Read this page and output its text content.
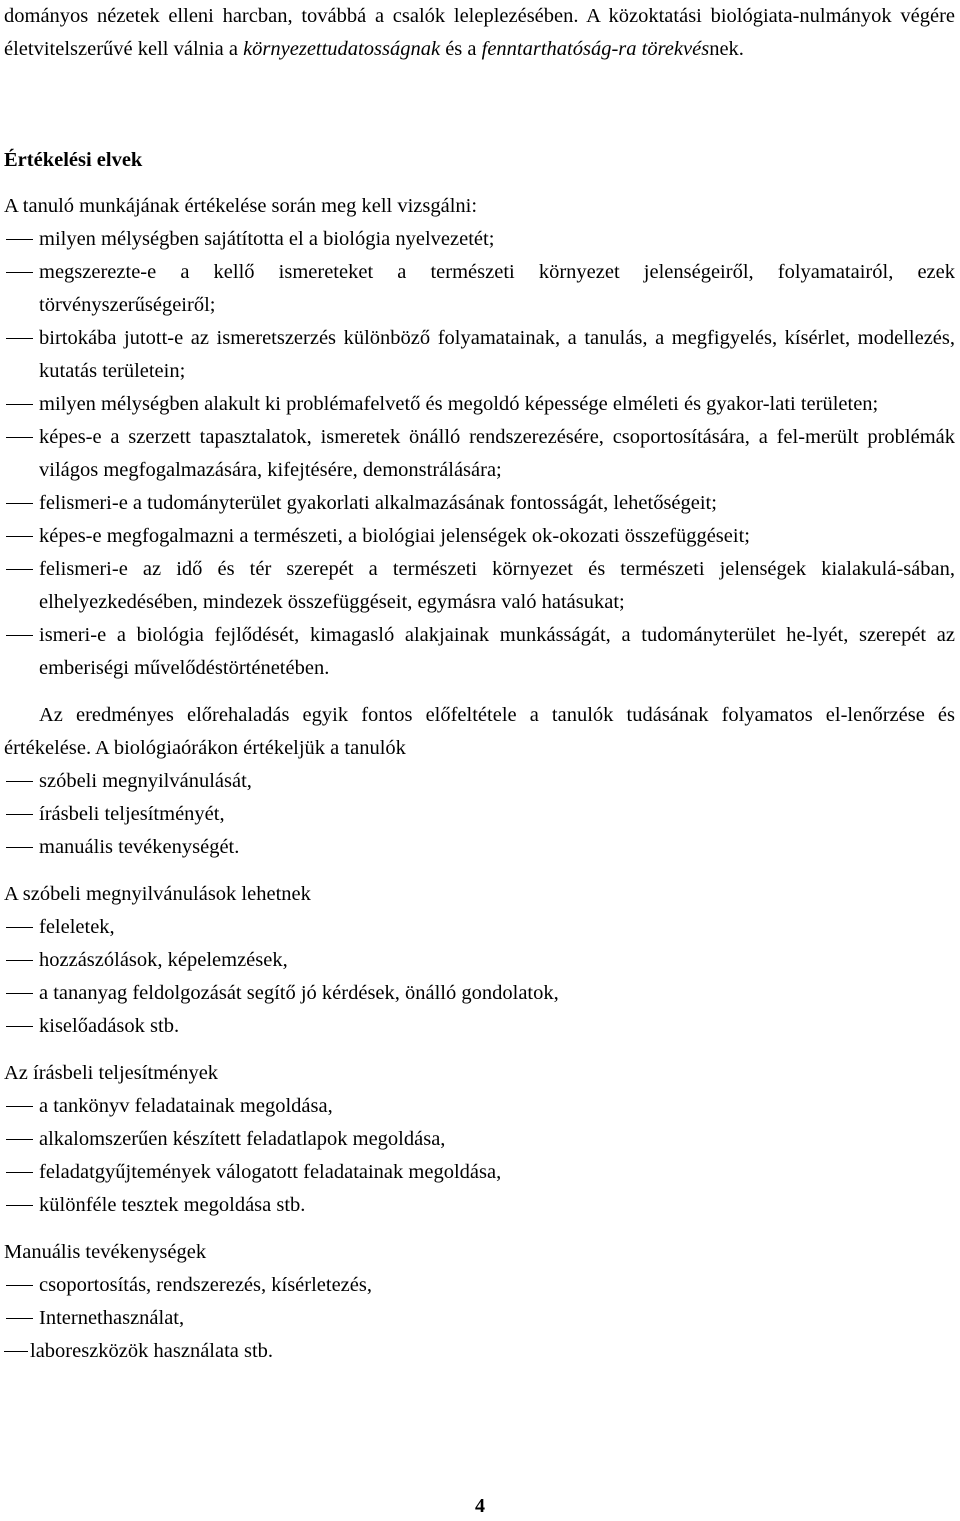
dományos nézetek elleni harcban, továbbá a csalók leleplezésében. A közoktatási biológiata-nulmányok végére életvitelszerűvé kell válnia a környezettudatosságnak és a fenntarthatóság-ra törekvésnek.

Értékelési elvek

A tanuló munkájának értékelése során meg kell vizsgálni:

milyen mélységben sajátította el a biológia nyelvezetét;
megszerezte-e a kellő ismereteket a természeti környezet jelenségeiről, folyamatairól, ezek törvényszerűségeiről;
birtokába jutott-e az ismeretszerzés különböző folyamatainak, a tanulás, a megfigyelés, kísérlet, modellezés, kutatás területein;
milyen mélységben alakult ki problémafelvető és megoldó képessége elméleti és gyakor-lati területen;
képes-e a szerzett tapasztalatok, ismeretek önálló rendszerezésére, csoportosítására, a fel-merült problémák világos megfogalmazására, kifejtésére, demonstrálására;
felismeri-e a tudományterület gyakorlati alkalmazásának fontosságát, lehetőségeit;
képes-e megfogalmazni a természeti, a biológiai jelenségek ok-okozati összefüggéseit;
felismeri-e az idő és tér szerepét a természeti környezet és természeti jelenségek kialakulá-sában, elhelyezkedésében, mindezek összefüggéseit, egymásra való hatásukat;
ismeri-e a biológia fejlődését, kimagasló alakjainak munkásságát, a tudományterület he-lyét, szerepét az emberiségi művelődéstörténetében.

Az eredményes előrehaladás egyik fontos előfeltétele a tanulók tudásának folyamatos el-lenőrzése és értékelése. A biológiaórákon értékeljük a tanulók

szóbeli megnyilvánulását,
írásbeli teljesítményét,
manuális tevékenységét.

A szóbeli megnyilvánulások lehetnek

feleletek,
hozzászólások, képelemzések,
a tananyag feldolgozását segítő jó kérdések, önálló gondolatok,
kiselőadások stb.

Az írásbeli teljesítmények

a tankönyv feladatainak megoldása,
alkalomszerűen készített feladatlapok megoldása,
feladatgyűjtemények válogatott feladatainak megoldása,
különféle tesztek megoldása stb.

Manuális tevékenységek

csoportosítás, rendszerezés, kísérletezés,
Internethasználat,
laboreszközök használata stb.
4
